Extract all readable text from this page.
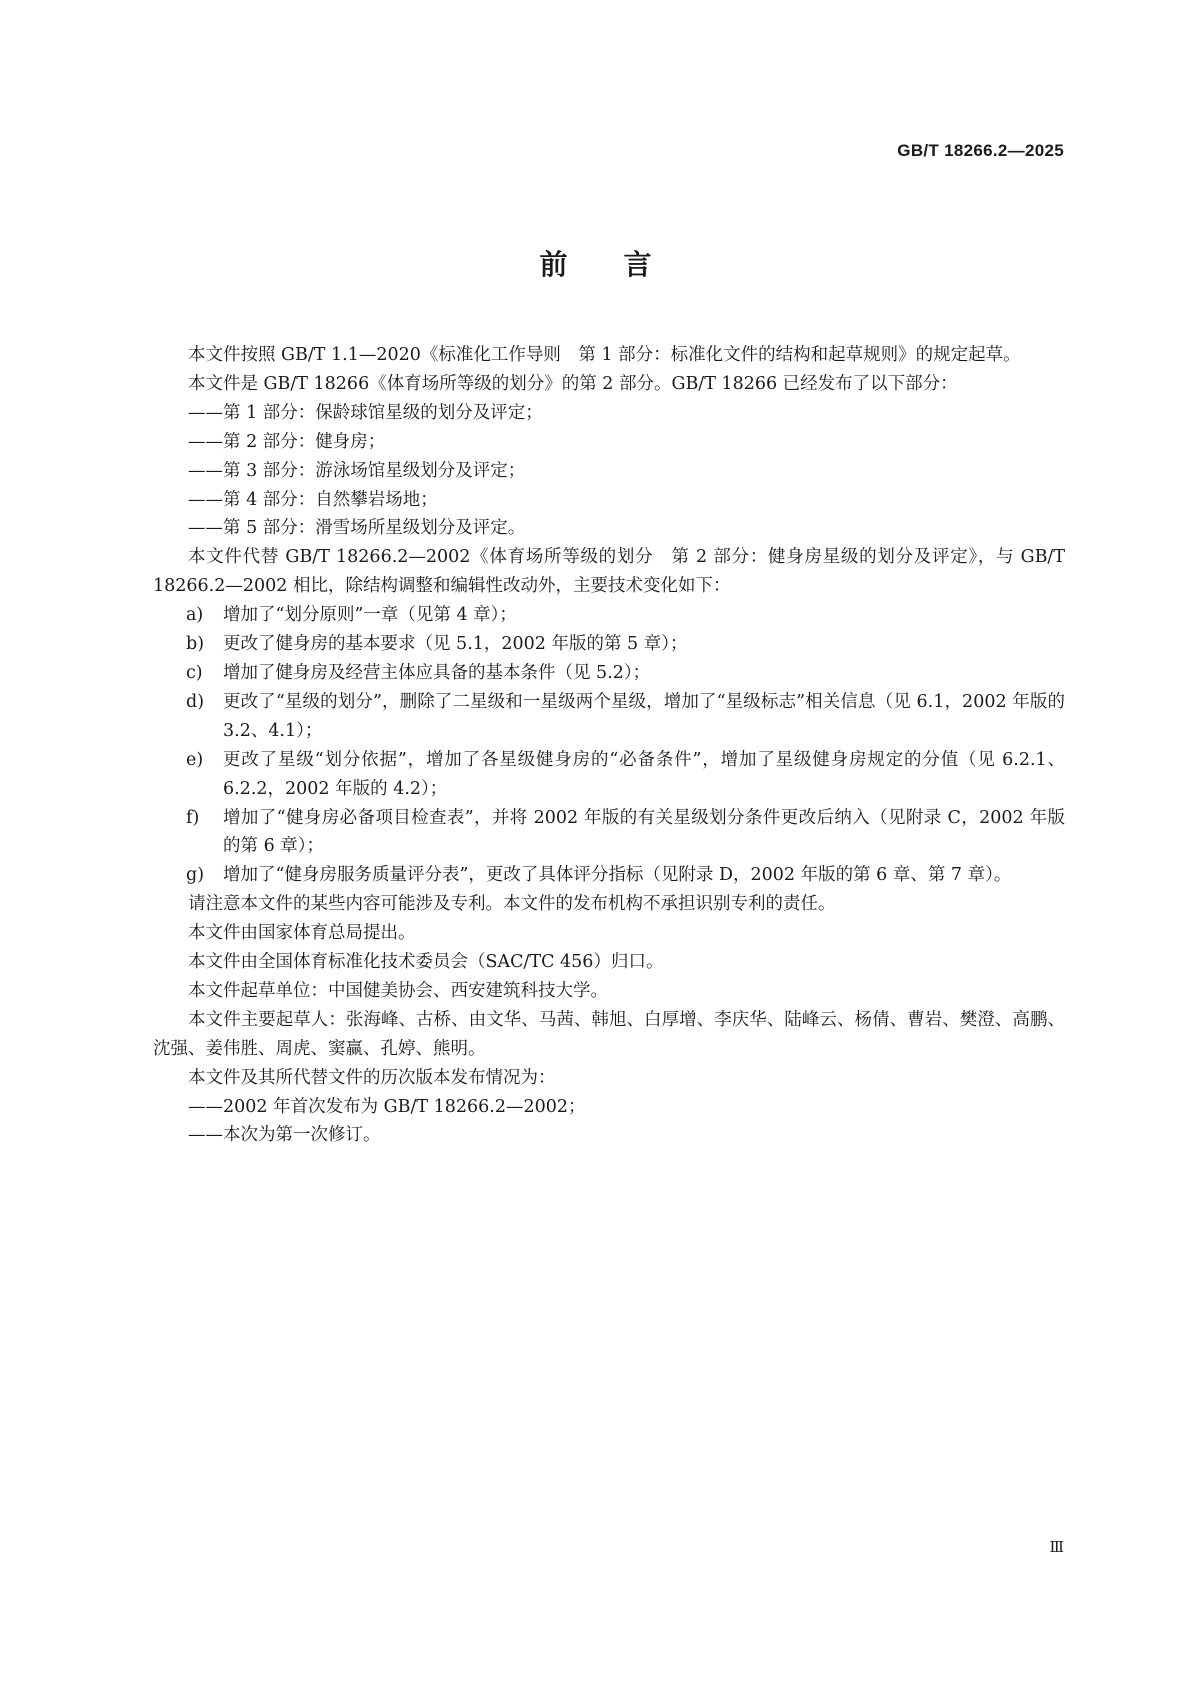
GB/T 18266.2—2025
前言

本文件按照 GB/T 1.1—2020《标准化工作导则　第 1 部分：标准化文件的结构和起草规则》的规定起草。

本文件是 GB/T 18266《体育场所等级的划分》的第 2 部分。GB/T 18266 已经发布了以下部分：

——第 1 部分：保龄球馆星级的划分及评定；

——第 2 部分：健身房；

——第 3 部分：游泳场馆星级划分及评定；

——第 4 部分：自然攀岩场地；

——第 5 部分：滑雪场所星级划分及评定。

本文件代替 GB/T 18266.2—2002《体育场所等级的划分　第 2 部分：健身房星级的划分及评定》，与 GB/T 18266.2—2002 相比，除结构调整和编辑性改动外，主要技术变化如下：

a) 增加了“划分原则”一章（见第 4 章）；
b) 更改了健身房的基本要求（见 5.1，2002 年版的第 5 章）；
c) 增加了健身房及经营主体应具备的基本条件（见 5.2）；
d) 更改了“星级的划分”，删除了二星级和一星级两个星级，增加了“星级标志”相关信息（见 6.1，2002 年版的 3.2、4.1）；
e) 更改了星级“划分依据”，增加了各星级健身房的“必备条件”，增加了星级健身房规定的分值（见 6.2.1、6.2.2，2002 年版的 4.2）；
f) 增加了“健身房必备项目检查表”，并将 2002 年版的有关星级划分条件更改后纳入（见附录 C，2002 年版的第 6 章）；
g) 增加了“健身房服务质量评分表”，更改了具体评分指标（见附录 D，2002 年版的第 6 章、第 7 章）。

请注意本文件的某些内容可能涉及专利。本文件的发布机构不承担识别专利的责任。

本文件由国家体育总局提出。

本文件由全国体育标准化技术委员会（SAC/TC 456）归口。

本文件起草单位：中国健美协会、西安建筑科技大学。

本文件主要起草人：张海峰、古桥、由文华、马茜、韩旭、白厚增、李庆华、陆峰云、杨倩、曹岩、樊澄、高鹏、沈强、姜伟胜、周虎、窦赢、孔婷、熊明。

本文件及其所代替文件的历次版本发布情况为：

——2002 年首次发布为 GB/T 18266.2—2002；

——本次为第一次修订。

Ⅲ
